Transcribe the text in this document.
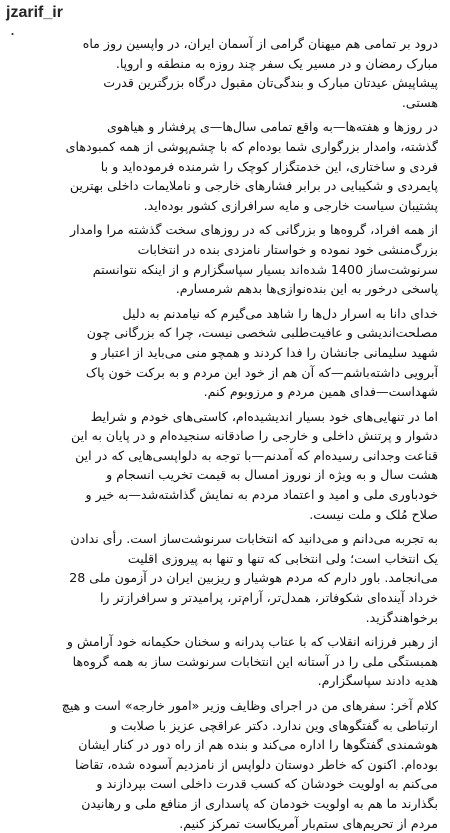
jzarif_ir
.
درود بر تمامی هم میهنان گرامی از آسمان ایران، در واپسین روز ماه
مبارک رمضان و در مسیر یک سفر چند روزه به منطقه و اروپا.
پیشاپیش عیدتان مبارک و بندگی‌تان مقبول درگاه بزرگترین قدرت
هستی.
در روزها و هفته‌ها—به واقع تمامی سال‌ها—ی پرفشار و هیاهوی
گذشته، وامدار بزرگواری شما بوده‌ام که با چشم‌پوشی از همه کمبودهای
فردی و ساختاری، این خدمتگزار کوچک را شرمنده فرموده‌اید و با
پایمردی و شکیبایی در برابر فشارهای خارجی و ناملایمات داخلی بهترین
پشتیبان سیاست خارجی و مایه سرافرازی کشور بوده‌اید.
از همه افراد، گروه‌ها و بزرگانی که در روزهای سخت گذشته مرا وامدار
بزرگ‌منشی خود نموده و خواستار نامزدی بنده در انتخابات
سرنوشت‌ساز 1400 شده‌اند بسیار سپاسگزارم و از اینکه نتوانستم
پاسخی درخور به این بنده‌نوازی‌ها بدهم شرمسارم.
خدای دانا به اسرار دل‌ها را شاهد می‌گیرم که نیامدنم به دلیل
مصلحت‌اندیشی و عافیت‌طلبی شخصی نیست، چرا که بزرگانی چون
شهید سلیمانی جانشان را فدا کردند و همچو منی می‌باید از اعتبار و
آبرویی داشته‌باشم—که آن هم از خود این مردم و به برکت خون پاک
شهداست—فدای همین مردم و مرزوبوم کنم.
اما در تنهایی‌های خود بسیار اندیشیده‌ام، کاستی‌های خودم و شرایط
دشوار و پرتنش داخلی و خارجی را صادقانه سنجیده‌ام و در پایان به این
قناعت وجدانی رسیده‌ام که آمدنم—با توجه به دلواپسی‌هایی که در این
هشت سال و به ویژه از نوروز امسال به قیمت تخریب انسجام و
خودباوری ملی و امید و اعتماد مردم به نمایش گذاشته‌شد—به خیر و
صلاح مُلک و ملت نیست.
به تجربه می‌دانم و می‌دانید که انتخابات سرنوشت‌ساز است. رأی ندادن
یک انتخاب است؛ ولی انتخابی که تنها و تنها به پیروزی اقلیت
می‌انجامد. باور دارم که مردم هوشیار و ریزبین ایران در آزمون ملی 28
خرداد آینده‌ای شکوفاتر، همدل‌تر، آرام‌تر، پرامیدتر و سرافرازتر را
برخواهندگزید.
از رهبر فرزانه انقلاب که با عتاب پدرانه و سخنان حکیمانه خود آرامش و
همبستگی ملی را در آستانه این انتخابات سرنوشت ساز به همه گروه‌ها
هدیه دادند سپاسگزارم.
کلام آخر: سفرهای من در اجرای وظایف وزیر «امور خارجه» است و هیچ
ارتباطی به گفتگوهای وین ندارد. دکتر عراقچی عزیز با صلابت و
هوشمندی گفتگوها را اداره می‌کند و بنده هم از راه دور در کنار ایشان
بوده‌ام. اکنون که خاطر دوستان دلواپس از نامزدیم آسوده شده، تقاضا
می‌کنم به اولویت خودشان که کسب قدرت داخلی است بپردازند و
بگذارند ما هم به اولویت خودمان که پاسداری از منافع ملی و رهانیدن
مردم از تحریم‌های ستم‌بار آمریکاست تمرکز کنیم.
